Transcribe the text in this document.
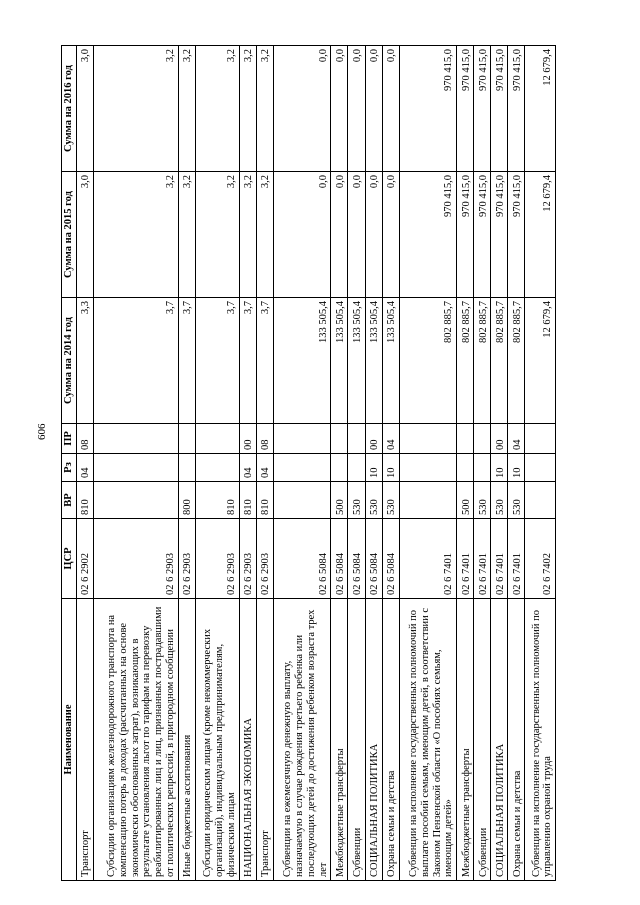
606
Наименование	ЦСР	ВР	Рз	ПР	Сумма на 2014 год	Сумма на 2015 год	Сумма на 2016 год
Транспорт	02 6 2902	810	04	08	3,3	3,0	3,0
Субсидии организациям железнодорожного транспорта на компенсацию потерь в доходах (рассчитанных на основе экономически обоснованных затрат), возникающих в результате установления льгот по тарифам на перевозку реабилитированных лиц и лиц, признанных пострадавшими от политических репрессий, в пригородном сообщении	02 6 2903				3,7	3,2	3,2
Иные бюджетные ассигнования	02 6 2903	800			3,7	3,2	3,2
Субсидии юридическим лицам (кроме некоммерческих организаций), индивидуальным предпринимателям, физическим лицам	02 6 2903	810			3,7	3,2	3,2
НАЦИОНАЛЬНАЯ ЭКОНОМИКА	02 6 2903	810	04	00	3,7	3,2	3,2
Транспорт	02 6 2903	810	04	08	3,7	3,2	3,2
Субвенции на ежемесячную денежную выплату, назначаемую в случае рождения третьего ребенка или последующих детей до достижения ребенком возраста трех лет	02 6 5084				133 505,4	0,0	0,0
Межбюджетные трансферты	02 6 5084	500			133 505,4	0,0	0,0
Субвенции	02 6 5084	530			133 505,4	0,0	0,0
СОЦИАЛЬНАЯ ПОЛИТИКА	02 6 5084	530	10	00	133 505,4	0,0	0,0
Охрана семьи и детства	02 6 5084	530	10	04	133 505,4	0,0	0,0
Субвенции на исполнение государственных полномочий по выплате пособий семьям, имеющим детей, в соответствии с Законом Пензенской области «О пособиях семьям, имеющим детей»	02 6 7401				802 885,7	970 415,0	970 415,0
Межбюджетные трансферты	02 6 7401	500			802 885,7	970 415,0	970 415,0
Субвенции	02 6 7401	530			802 885,7	970 415,0	970 415,0
СОЦИАЛЬНАЯ ПОЛИТИКА	02 6 7401	530	10	00	802 885,7	970 415,0	970 415,0
Охрана семьи и детства	02 6 7401	530	10	04	802 885,7	970 415,0	970 415,0
Субвенции на исполнение государственных полномочий по управлению охраной труда	02 6 7402				12 679,4	12 679,4	12 679,4
